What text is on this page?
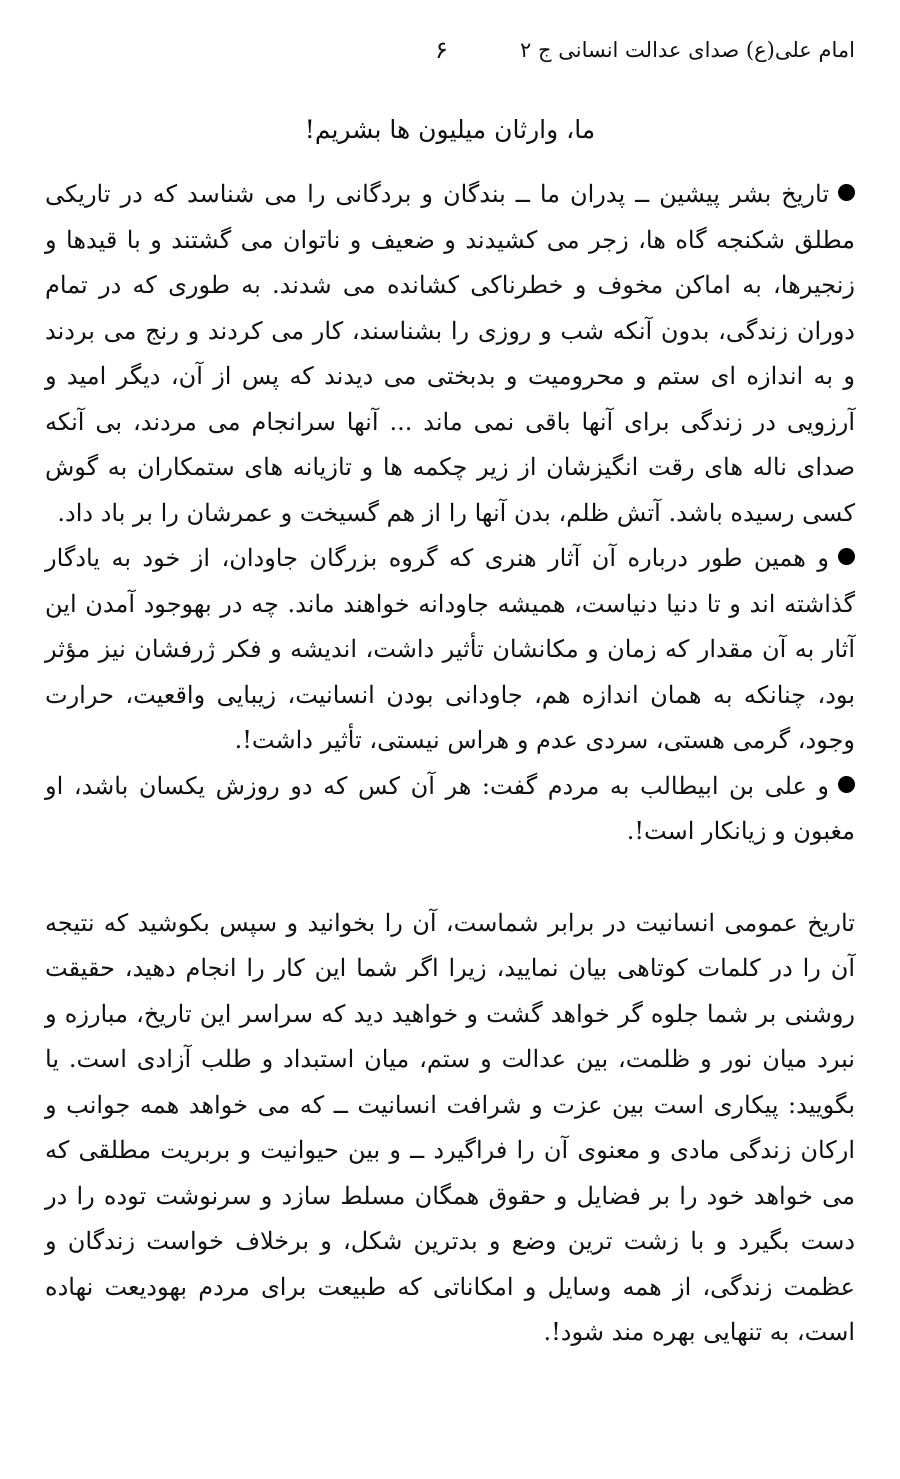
امام علی(ع) صدای عدالت انسانی ج ۲
۶
ما، وارثان میلیون ها بشریم!

تاریخ بشر پیشین ــ پدران ما ــ بندگان و بردگانی را می شناسد که در تاریکی مطلق شکنجه گاه ها، زجر می کشیدند و ضعیف و ناتوان می گشتند و با قیدها و زنجیرها، به اماکن مخوف و خطرناکی کشانده می شدند. به طوری که در تمام دوران زندگی، بدون آنکه شب و روزی را بشناسند، کار می کردند و رنج می بردند و به اندازه ای ستم و محرومیت و بدبختی می دیدند که پس از آن، دیگر امید و آرزویی در زندگی برای آنها باقی نمی ماند ... آنها سرانجام می مردند، بی آنکه صدای ناله های رقت انگیزشان از زیر چکمه ها و تازیانه های ستمکاران به گوش کسی رسیده باشد. آتش ظلم، بدن آنها را از هم گسیخت و عمرشان را بر باد داد.

و همین طور درباره آن آثار هنری که گروه بزرگان جاودان، از خود به یادگار گذاشته اند و تا دنیا دنیاست، همیشه جاودانه خواهند ماند. چه در بهوجود آمدن این آثار به آن مقدار که زمان و مکانشان تأثیر داشت، اندیشه و فکر ژرفشان نیز مؤثر بود، چنانکه به همان اندازه هم، جاودانی بودن انسانیت، زیبایی واقعیت، حرارت وجود، گرمی هستی، سردی عدم و هراس نیستی، تأثیر داشت!.

و علی بن ابیطالب به مردم گفت: هر آن کس که دو روزش یکسان باشد، او مغبون و زیانکار است!.

تاریخ عمومی انسانیت در برابر شماست، آن را بخوانید و سپس بکوشید که نتیجه آن را در کلمات کوتاهی بیان نمایید، زیرا اگر شما این کار را انجام دهید، حقیقت روشنی بر شما جلوه گر خواهد گشت و خواهید دید که سراسر این تاریخ، مبارزه و نبرد میان نور و ظلمت، بین عدالت و ستم، میان استبداد و طلب آزادی است. یا بگویید: پیکاری است بین عزت و شرافت انسانیت ــ که می خواهد همه جوانب و ارکان زندگی مادی و معنوی آن را فراگیرد ــ و بین حیوانیت و بربریت مطلقی که می خواهد خود را بر فضایل و حقوق همگان مسلط سازد و سرنوشت توده را در دست بگیرد و با زشت ترین وضع و بدترین شکل، و برخلاف خواست زندگان و عظمت زندگی، از همه وسایل و امکاناتی که طبیعت برای مردم بهودیعت نهاده است، به تنهایی بهره مند شود!.
